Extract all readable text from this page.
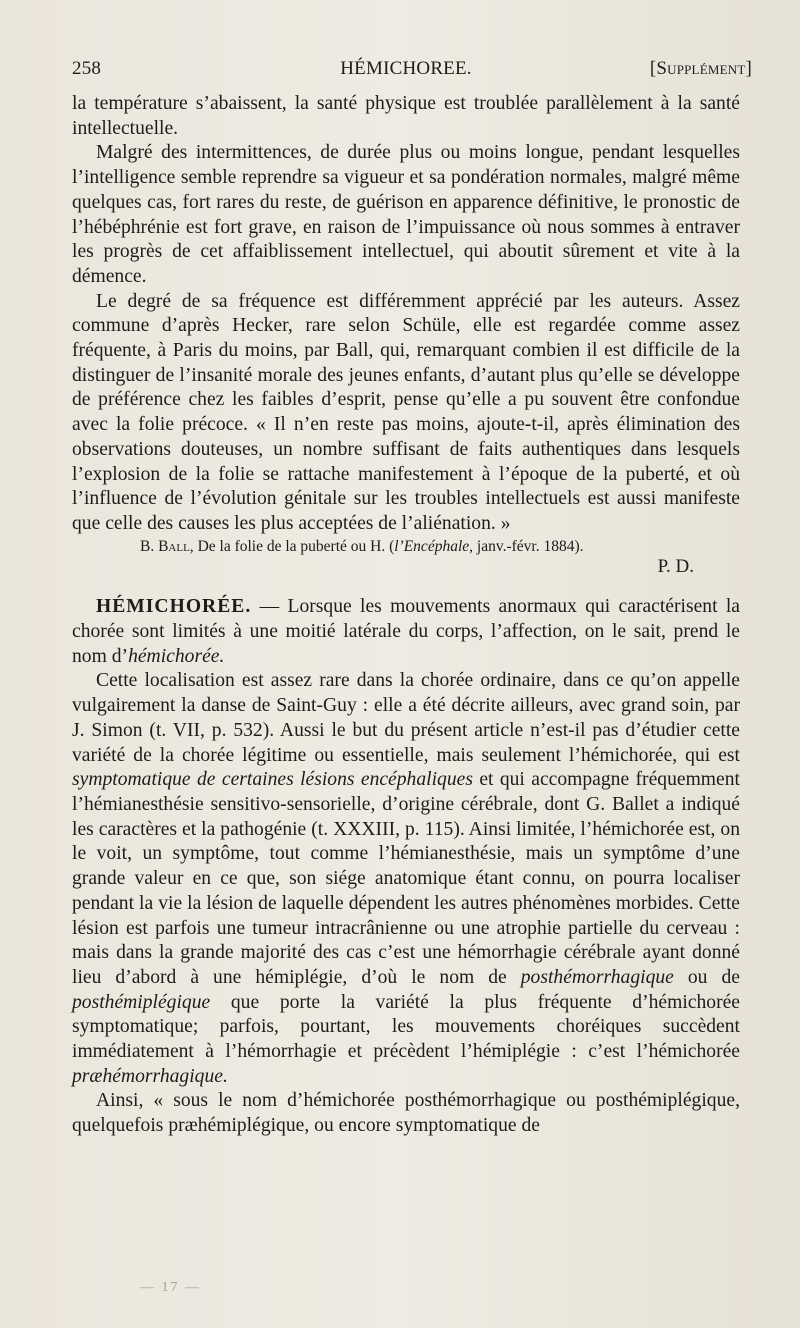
258	HÉMICHOREE.	[Supplément]

la température s’abaissent, la santé physique est troublée parallèlement à la santé intellectuelle.

Malgré des intermittences, de durée plus ou moins longue, pendant lesquelles l’intelligence semble reprendre sa vigueur et sa pondération normales, malgré même quelques cas, fort rares du reste, de guérison en apparence définitive, le pronostic de l’hébéphrénie est fort grave, en raison de l’impuissance où nous sommes à entraver les progrès de cet affaiblissement intellectuel, qui aboutit sûrement et vite à la démence.

Le degré de sa fréquence est différemment apprécié par les auteurs. Assez commune d’après Hecker, rare selon Schüle, elle est regardée comme assez fréquente, à Paris du moins, par Ball, qui, remarquant combien il est difficile de la distinguer de l’insanité morale des jeunes enfants, d’autant plus qu’elle se développe de préférence chez les faibles d’esprit, pense qu’elle a pu souvent être confondue avec la folie précoce. « Il n’en reste pas moins, ajoute-t-il, après élimination des observations douteuses, un nombre suffisant de faits authentiques dans lesquels l’explosion de la folie se rattache manifestement à l’époque de la puberté, et où l’influence de l’évolution génitale sur les troubles intellectuels est aussi manifeste que celle des causes les plus acceptées de l’aliénation. »

B. Ball, De la folie de la puberté ou H. (l’Encéphale, janv.-févr. 1884).

P. D.

HÉMICHORÉE. — Lorsque les mouvements anormaux qui caractérisent la chorée sont limités à une moitié latérale du corps, l’affection, on le sait, prend le nom d’hémichorée.

Cette localisation est assez rare dans la chorée ordinaire, dans ce qu’on appelle vulgairement la danse de Saint-Guy : elle a été décrite ailleurs, avec grand soin, par J. Simon (t. VII, p. 532). Aussi le but du présent article n’est-il pas d’étudier cette variété de la chorée légitime ou essentielle, mais seulement l’hémichorée, qui est symptomatique de certaines lésions encéphaliques et qui accompagne fréquemment l’hémianesthésie sensitivo-sensorielle, d’origine cérébrale, dont G. Ballet a indiqué les caractères et la pathogénie (t. XXXIII, p. 115). Ainsi limitée, l’hémichorée est, on le voit, un symptôme, tout comme l’hémianesthésie, mais un symptôme d’une grande valeur en ce que, son siége anatomique étant connu, on pourra localiser pendant la vie la lésion de laquelle dépendent les autres phénomènes morbides. Cette lésion est parfois une tumeur intracrânienne ou une atrophie partielle du cerveau : mais dans la grande majorité des cas c’est une hémorrhagie cérébrale ayant donné lieu d’abord à une hémiplégie, d’où le nom de posthémorrhagique ou de posthémiplégique que porte la variété la plus fréquente d’hémichorée symptomatique; parfois, pourtant, les mouvements choréiques succèdent immédiatement à l’hémorrhagie et précèdent l’hémiplégie : c’est l’hémichorée præhémorrhagique.

Ainsi, « sous le nom d’hémichorée posthémorrhagique ou posthémiplégique, quelquefois præhémiplégique, ou encore symptomatique de

— 17 —
